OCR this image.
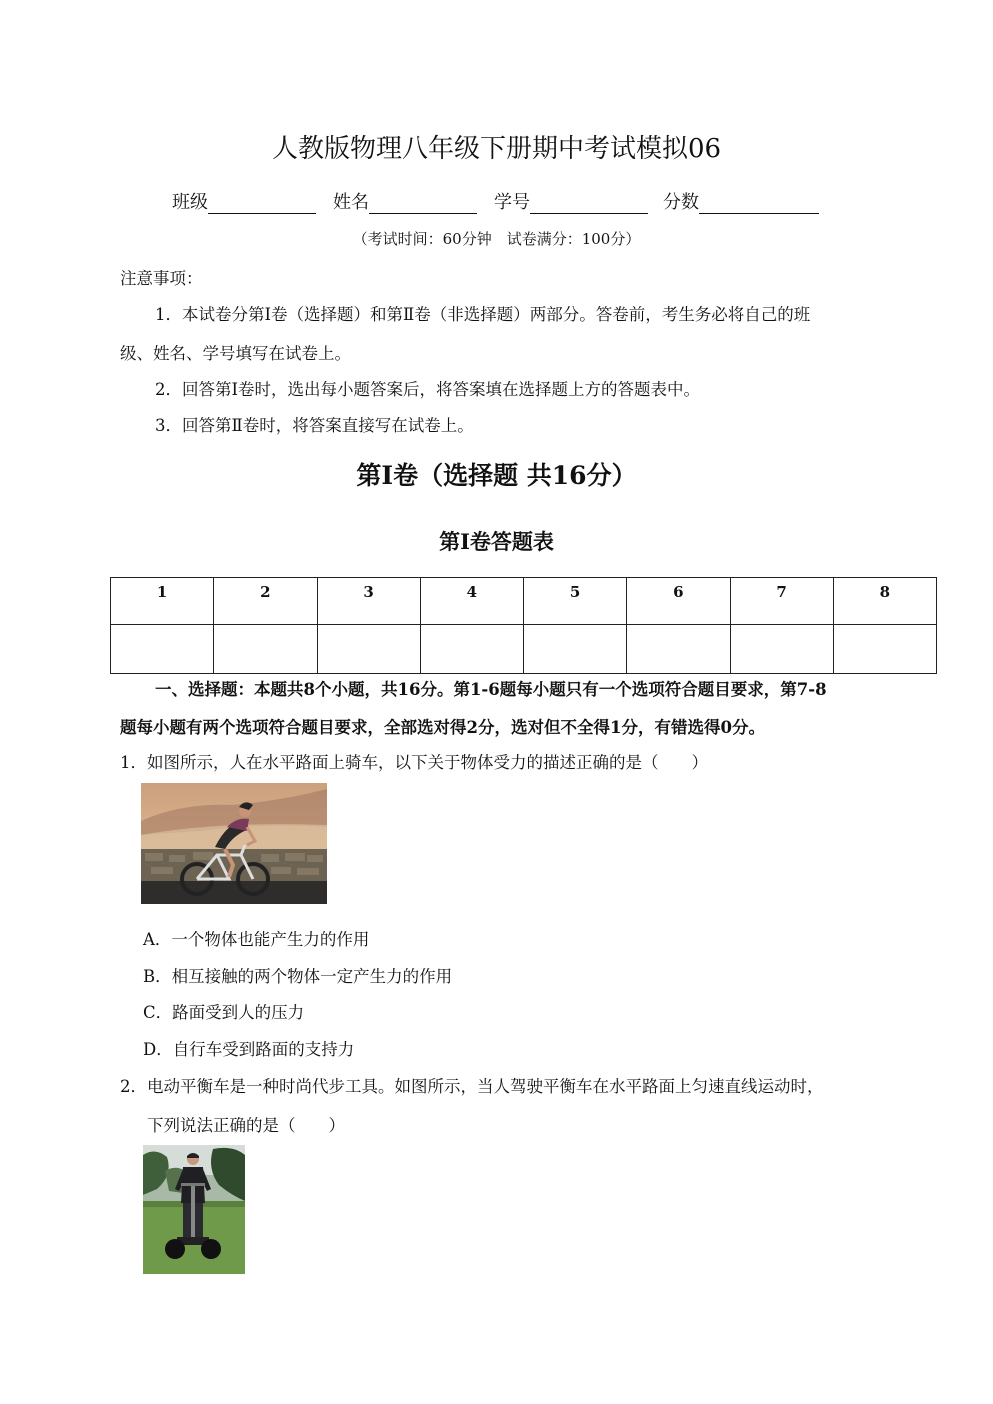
人教版物理八年级下册期中考试模拟06
班级	姓名	学号	分数
（考试时间：60分钟　试卷满分：100分）
注意事项：
1．本试卷分第Ⅰ卷（选择题）和第Ⅱ卷（非选择题）两部分。答卷前，考生务必将自己的班
级、姓名、学号填写在试卷上。
2．回答第Ⅰ卷时，选出每小题答案后，将答案填在选择题上方的答题表中。
3．回答第Ⅱ卷时，将答案直接写在试卷上。
第Ⅰ卷（选择题 共16分）
第Ⅰ卷答题表
1	2	3	4	5	6	7	8

一、选择题：本题共8个小题，共16分。第1-6题每小题只有一个选项符合题目要求，第7-8
题每小题有两个选项符合题目要求，全部选对得2分，选对但不全得1分，有错选得0分。
1．如图所示，人在水平路面上骑车，以下关于物体受力的描述正确的是（　　）
A．一个物体也能产生力的作用
B．相互接触的两个物体一定产生力的作用
C．路面受到人的压力
D．自行车受到路面的支持力
2．电动平衡车是一种时尚代步工具。如图所示，当人驾驶平衡车在水平路面上匀速直线运动时，
下列说法正确的是（　　）
